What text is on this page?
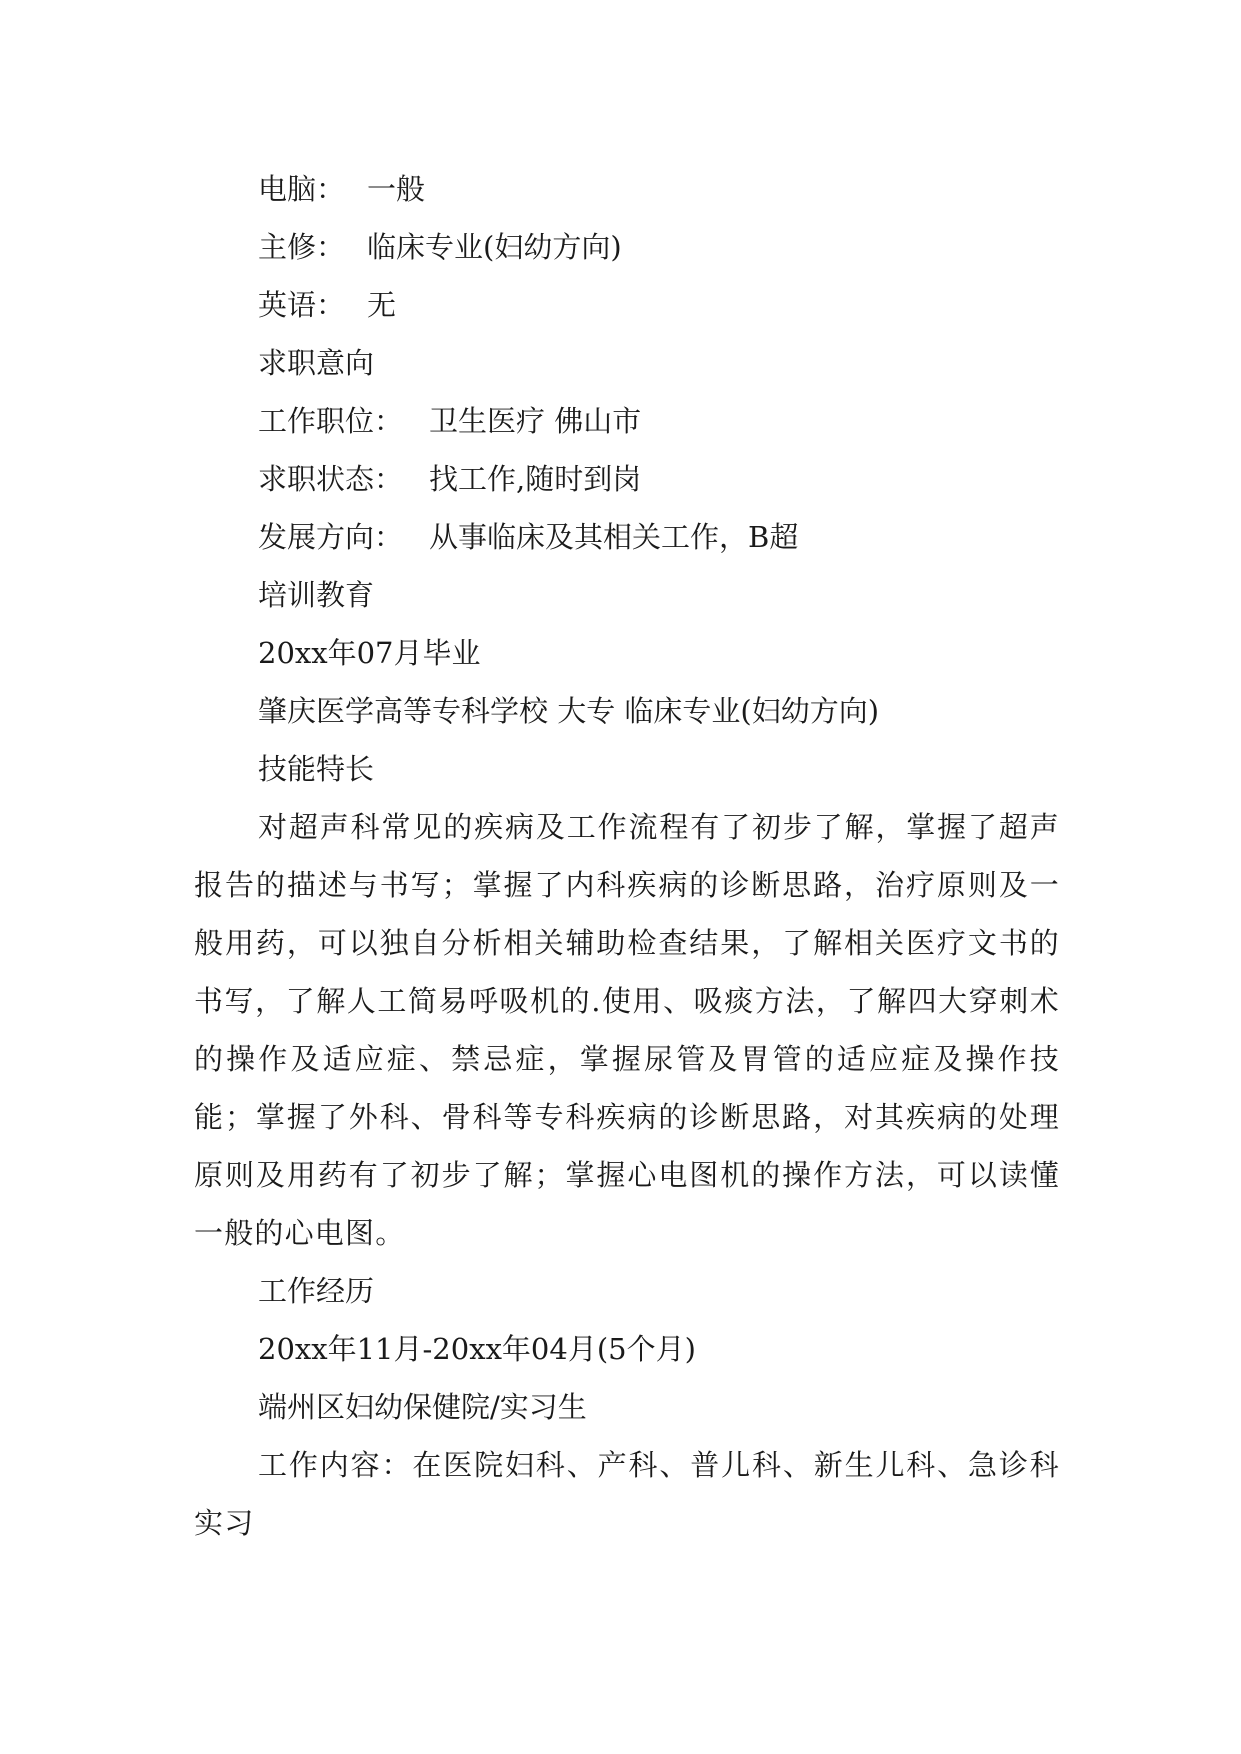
电脑： 一般
主修： 临床专业(妇幼方向)
英语： 无
求职意向
工作职位： 卫生医疗 佛山市
求职状态： 找工作,随时到岗
发展方向： 从事临床及其相关工作，B超
培训教育
20xx年07月毕业
肇庆医学高等专科学校 大专 临床专业(妇幼方向)
技能特长

对超声科常见的疾病及工作流程有了初步了解，掌握了超声报告的描述与书写；掌握了内科疾病的诊断思路，治疗原则及一般用药，可以独自分析相关辅助检查结果，了解相关医疗文书的书写，了解人工简易呼吸机的.使用、吸痰方法，了解四大穿刺术的操作及适应症、禁忌症，掌握尿管及胃管的适应症及操作技能；掌握了外科、骨科等专科疾病的诊断思路，对其疾病的处理原则及用药有了初步了解；掌握心电图机的操作方法，可以读懂一般的心电图。

工作经历
20xx年11月-20xx年04月(5个月)
端州区妇幼保健院/实习生

工作内容：在医院妇科、产科、普儿科、新生儿科、急诊科实习
